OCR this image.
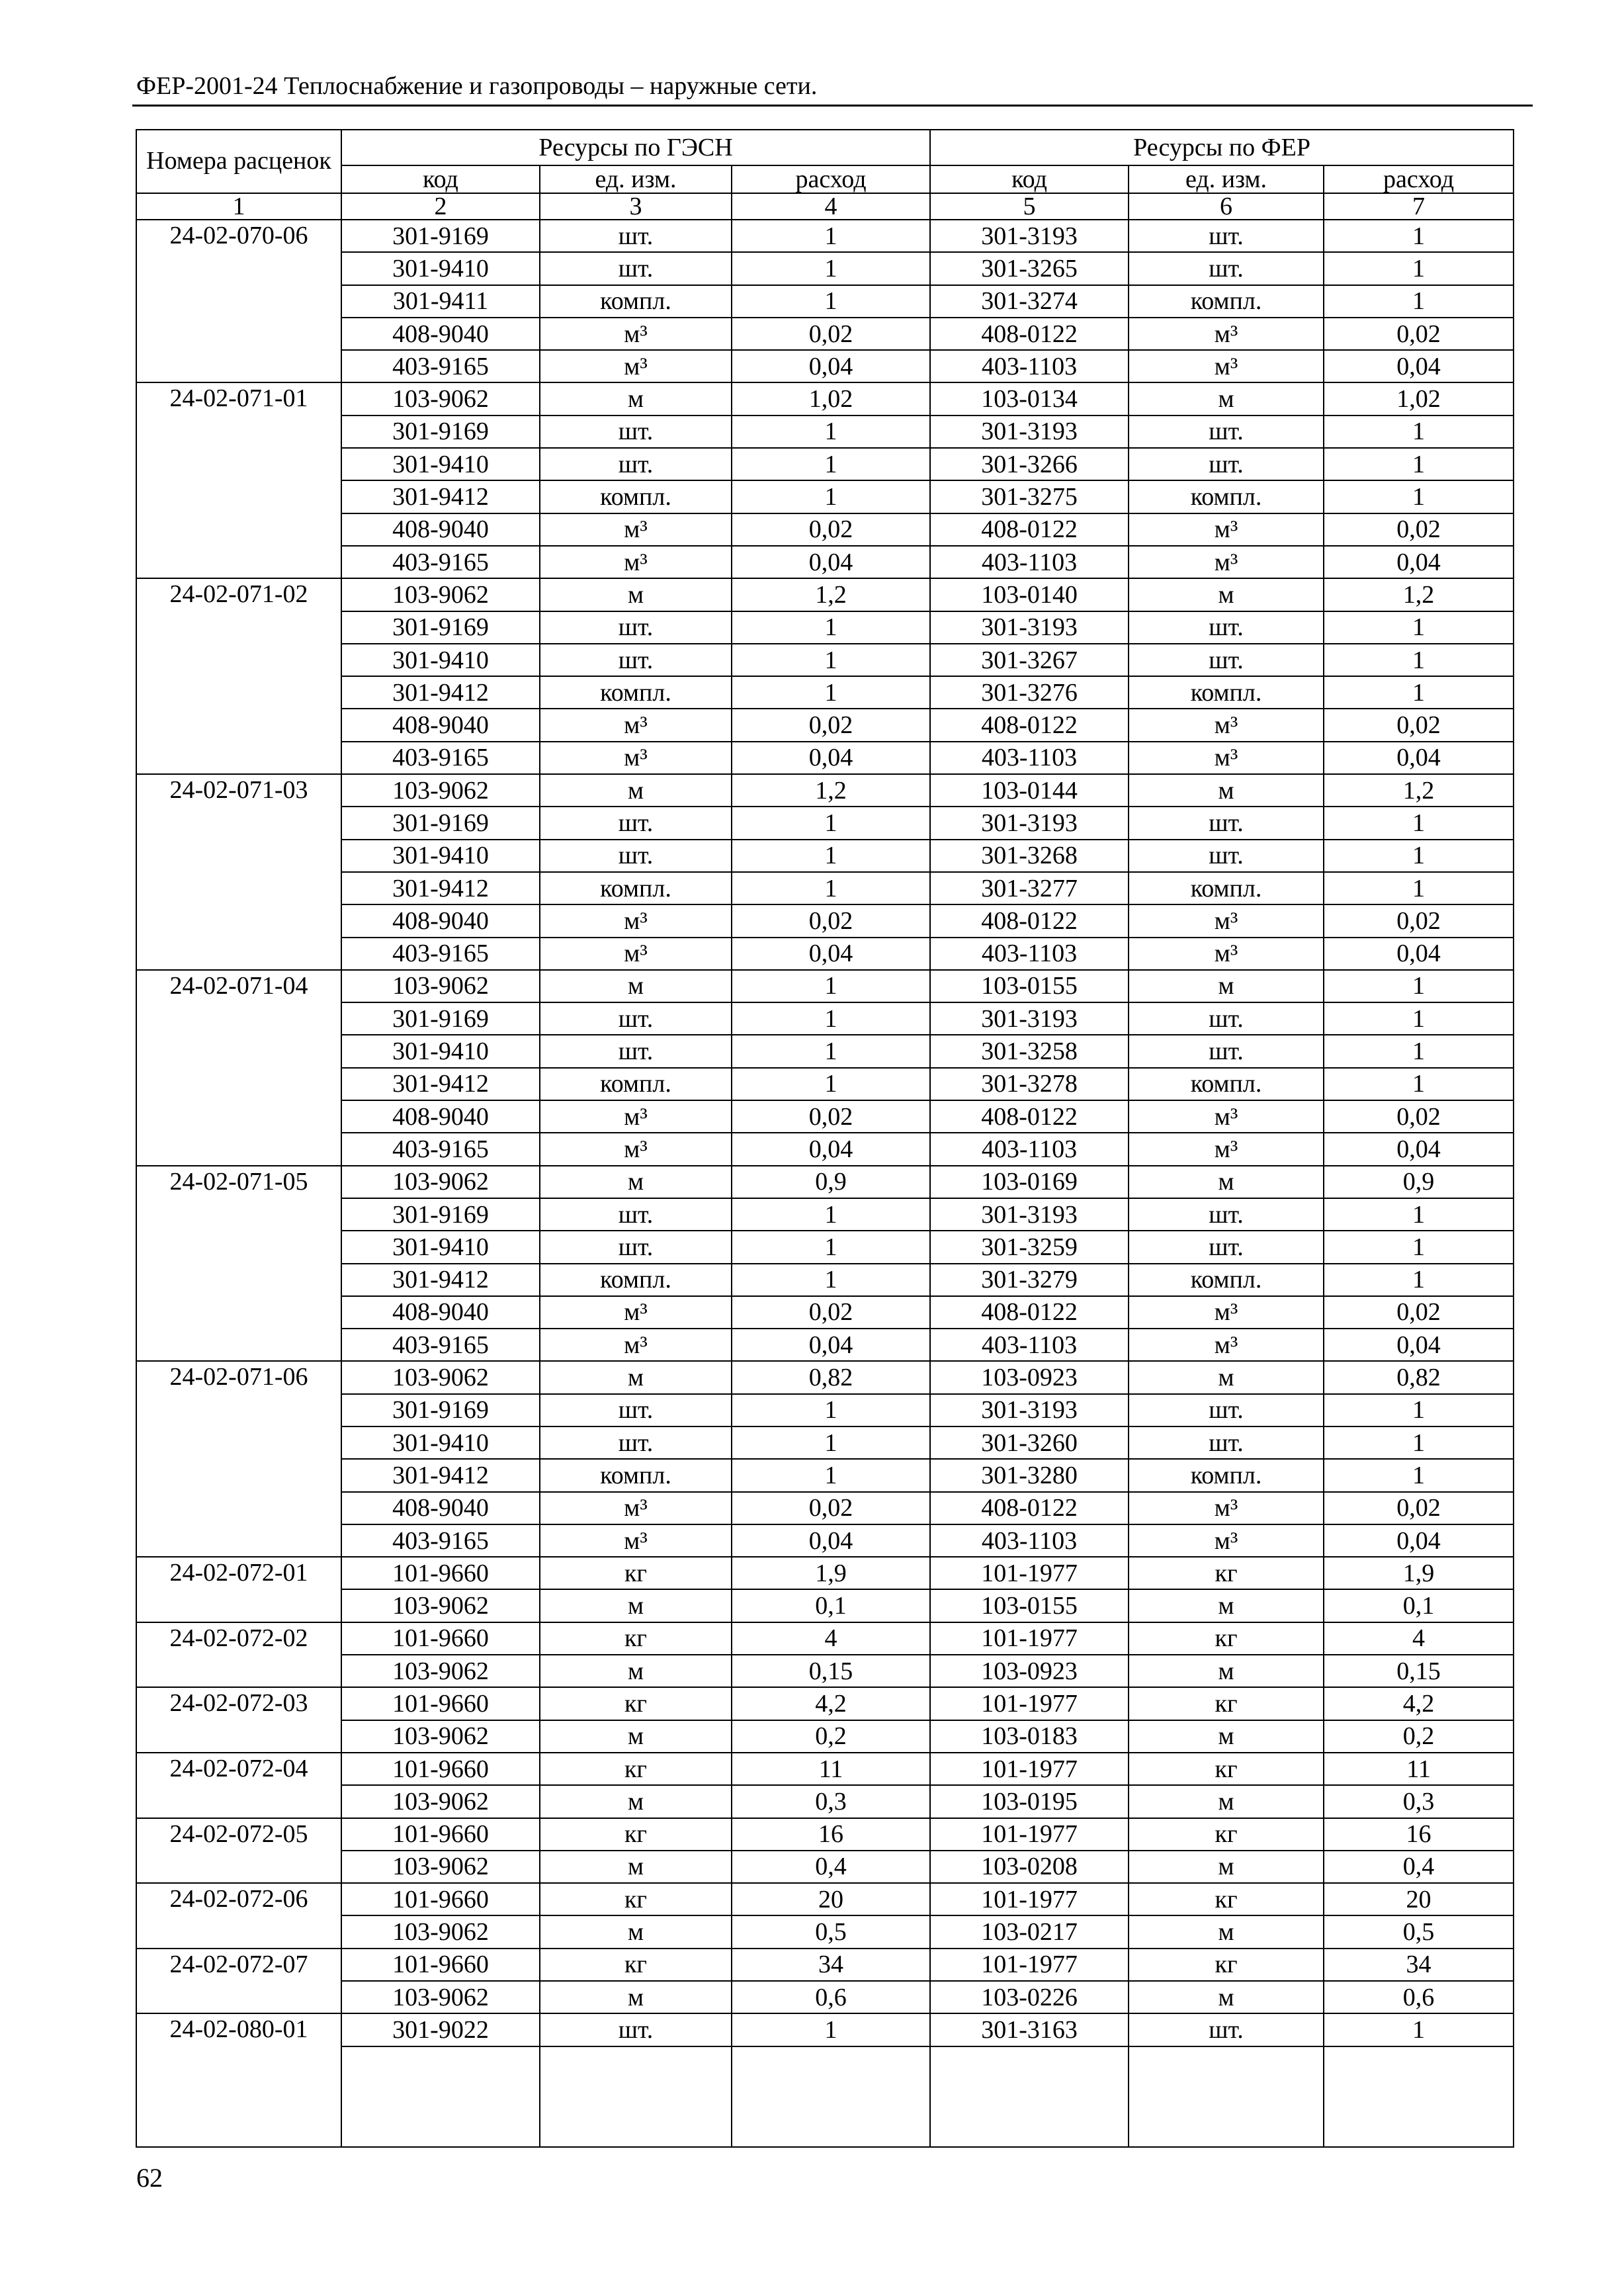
ФЕР-2001-24 Теплоснабжение и газопроводы – наружные сети.
Номера расценок	Ресурсы по ГЭСН			Ресурсы по ФЕР		
	код	ед. изм.	расход	код	ед. изм.	расход
1	2	3	4	5	6	7
24-02-070-06	301-9169	шт.	1	301-3193	шт.	1
	301-9410	шт.	1	301-3265	шт.	1
	301-9411	компл.	1	301-3274	компл.	1
	408-9040	м³	0,02	408-0122	м³	0,02
	403-9165	м³	0,04	403-1103	м³	0,04
24-02-071-01	103-9062	м	1,02	103-0134	м	1,02
	301-9169	шт.	1	301-3193	шт.	1
	301-9410	шт.	1	301-3266	шт.	1
	301-9412	компл.	1	301-3275	компл.	1
	408-9040	м³	0,02	408-0122	м³	0,02
	403-9165	м³	0,04	403-1103	м³	0,04
24-02-071-02	103-9062	м	1,2	103-0140	м	1,2
	301-9169	шт.	1	301-3193	шт.	1
	301-9410	шт.	1	301-3267	шт.	1
	301-9412	компл.	1	301-3276	компл.	1
	408-9040	м³	0,02	408-0122	м³	0,02
	403-9165	м³	0,04	403-1103	м³	0,04
24-02-071-03	103-9062	м	1,2	103-0144	м	1,2
	301-9169	шт.	1	301-3193	шт.	1
	301-9410	шт.	1	301-3268	шт.	1
	301-9412	компл.	1	301-3277	компл.	1
	408-9040	м³	0,02	408-0122	м³	0,02
	403-9165	м³	0,04	403-1103	м³	0,04
24-02-071-04	103-9062	м	1	103-0155	м	1
	301-9169	шт.	1	301-3193	шт.	1
	301-9410	шт.	1	301-3258	шт.	1
	301-9412	компл.	1	301-3278	компл.	1
	408-9040	м³	0,02	408-0122	м³	0,02
	403-9165	м³	0,04	403-1103	м³	0,04
24-02-071-05	103-9062	м	0,9	103-0169	м	0,9
	301-9169	шт.	1	301-3193	шт.	1
	301-9410	шт.	1	301-3259	шт.	1
	301-9412	компл.	1	301-3279	компл.	1
	408-9040	м³	0,02	408-0122	м³	0,02
	403-9165	м³	0,04	403-1103	м³	0,04
24-02-071-06	103-9062	м	0,82	103-0923	м	0,82
	301-9169	шт.	1	301-3193	шт.	1
	301-9410	шт.	1	301-3260	шт.	1
	301-9412	компл.	1	301-3280	компл.	1
	408-9040	м³	0,02	408-0122	м³	0,02
	403-9165	м³	0,04	403-1103	м³	0,04
24-02-072-01	101-9660	кг	1,9	101-1977	кг	1,9
	103-9062	м	0,1	103-0155	м	0,1
24-02-072-02	101-9660	кг	4	101-1977	кг	4
	103-9062	м	0,15	103-0923	м	0,15
24-02-072-03	101-9660	кг	4,2	101-1977	кг	4,2
	103-9062	м	0,2	103-0183	м	0,2
24-02-072-04	101-9660	кг	11	101-1977	кг	11
	103-9062	м	0,3	103-0195	м	0,3
24-02-072-05	101-9660	кг	16	101-1977	кг	16
	103-9062	м	0,4	103-0208	м	0,4
24-02-072-06	101-9660	кг	20	101-1977	кг	20
	103-9062	м	0,5	103-0217	м	0,5
24-02-072-07	101-9660	кг	34	101-1977	кг	34
	103-9062	м	0,6	103-0226	м	0,6
24-02-080-01	301-9022	шт.	1	301-3163	шт.	1

62
